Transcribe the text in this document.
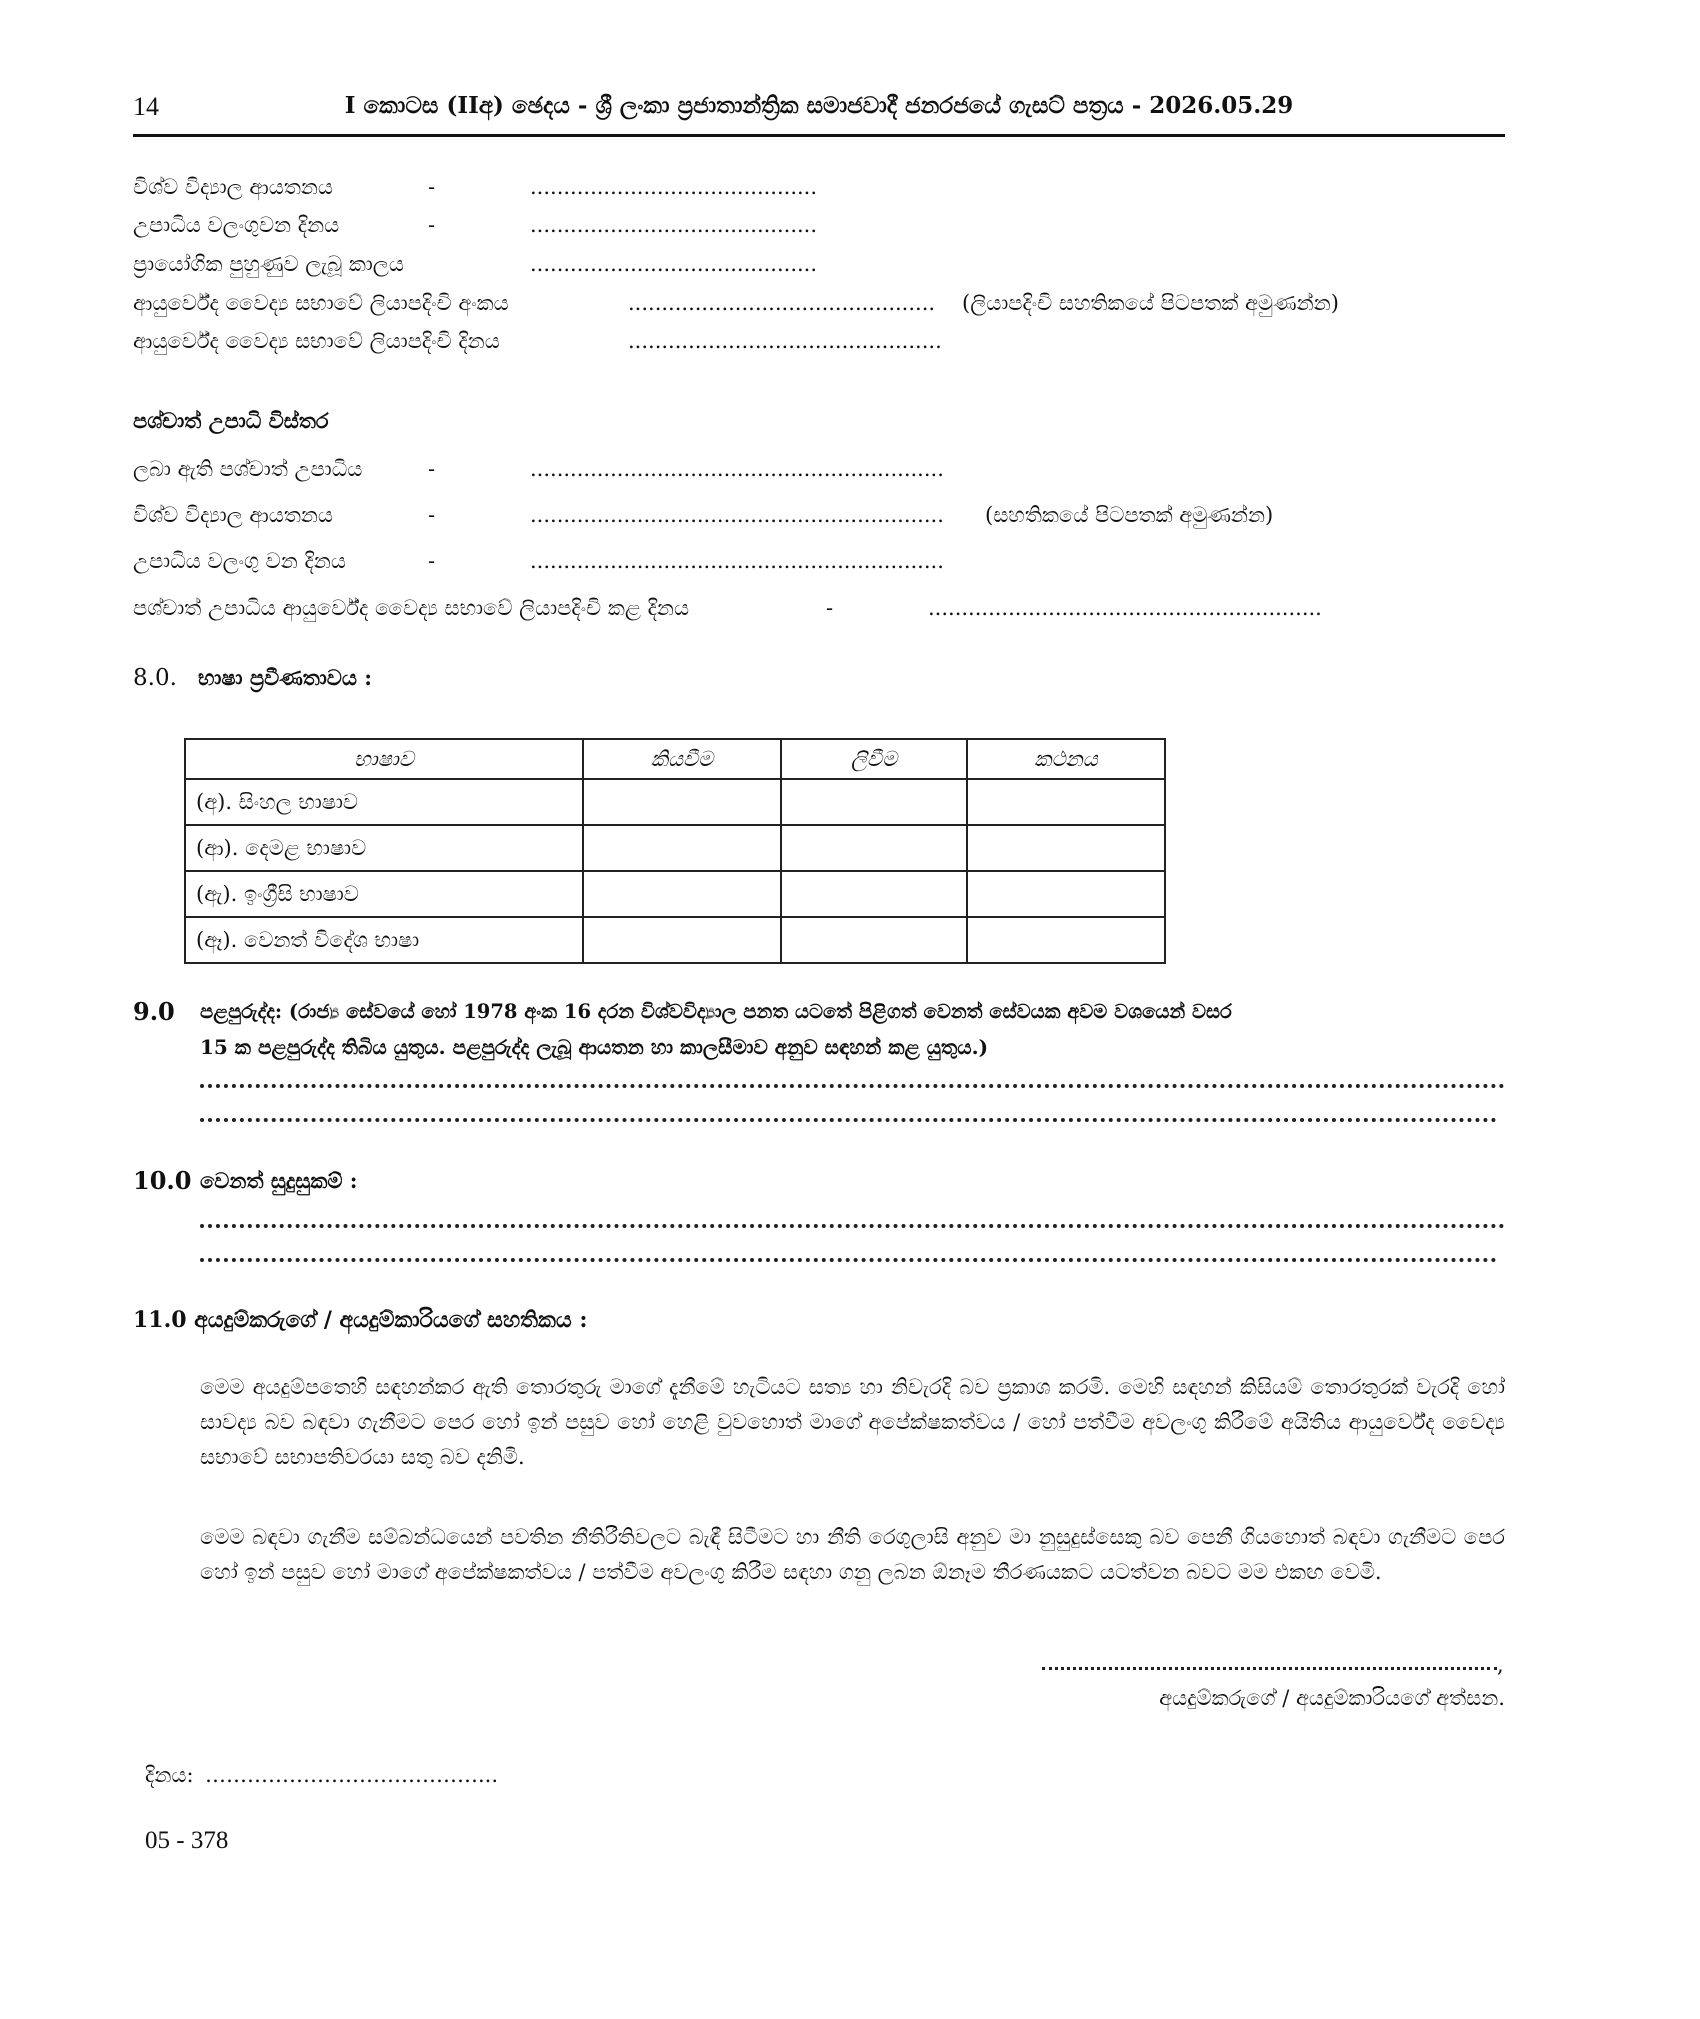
14	I කොටස (IIඅ) ඡෙදය - ශ්‍රී ලංකා ප්‍රජාතාන්ත්‍රික සමාජවාදී ජනරජයේ ගැසට් පත්‍රය - 2026.05.29
විශ්ව විද්‍යාල ආයතනය	-	...........................................
උපාධිය වලංගුවන දිනය	-	...........................................
ප්‍රායෝගික පුහුණුව ලැබූ කාලය	...........................................
ආයුර්වේද වෛද්‍ය සභාවේ ලියාපදිංචි අංකය	.............................................. (ලියාපදිංචි සහතිකයේ පිටපතක් අමුණන්න)
ආයුර්වේද වෛද්‍ය සභාවේ ලියාපදිංචි දිනය	...............................................
පශ්චාත් උපාධි විස්තර
ලබා ඇති පශ්චාත් උපාධිය	-	..............................................................
විශ්ව විද්‍යාල ආයතනය	-	.............................................................. (සහතිකයේ පිටපතක් අමුණන්න)
උපාධිය වලංගු වන දිනය	-	..............................................................
පශ්චාත් උපාධිය ආයුර්වේද වෛද්‍ය සභාවේ ලියාපදිංචි කළ දිනය	-	...........................................................
8.0. භාෂා ප්‍රවීණතාවය :
භාෂාව	කියවීම	ලිවීම	කථනය
(අ). සිංහල භාෂාව			
(ආ). දෙමළ භාෂාව			
(ඇ). ඉංග්‍රීසි භාෂාව			
(ඈ). වෙනත් විදේශ භාෂා			
9.0 පළපුරුද්ද: (රාජ්‍ය සේවයේ හෝ 1978 අංක 16 දරන විශ්වවිද්‍යාල පනත යටතේ පිළිගත් වෙනත් සේවයක අවම වශයෙන් වසර
15 ක පළපුරුද්ද තිබිය යුතුය. පළපුරුද්ද ලැබූ ආයතන හා කාලසීමාව අනුව සඳහන් කළ යුතුය.)
10.0 වෙනත් සුදුසුකම් :
11.0 අයදුම්කරුගේ / අයදුම්කාරියගේ සහතිකය :
මෙම අයදුම්පතෙහි සඳහන්කර ඇති තොරතුරු මාගේ දැනීමේ හැටියට සත්‍ය හා නිවැරදි බව ප්‍රකාශ කරමි. මෙහි සඳහන් කිසියම් තොරතුරක් වැරදි හෝ සාවද්‍ය බව බඳවා ගැනීමට පෙර හෝ ඉන් පසුව හෝ හෙළි වුවහොත් මාගේ අපේක්ෂකත්වය / හෝ පත්වීම අවලංගු කිරීමේ අයිතිය ආයුර්වේද වෛද්‍ය සභාවේ සභාපතිවරයා සතු බව දනිමි.
මෙම බඳවා ගැනීම සම්බන්ධයෙන් පවතින නීතිරීතිවලට බැඳී සිටීමට හා නීති රෙගුලාසි අනුව මා නුසුදුස්සෙකු බව පෙනී ගියහොත් බඳවා ගැනීමට පෙර හෝ ඉන් පසුව හෝ මාගේ අපේක්ෂකත්වය / පත්වීම අවලංගු කිරීම සඳහා ගනු ලබන ඕනෑම තීරණයකට යටත්වන බවට මම එකඟ වෙමි.
,
අයදුම්කරුගේ / අයදුම්කාරියගේ අත්සන.
දිනය: …………………………………...
05 - 378
